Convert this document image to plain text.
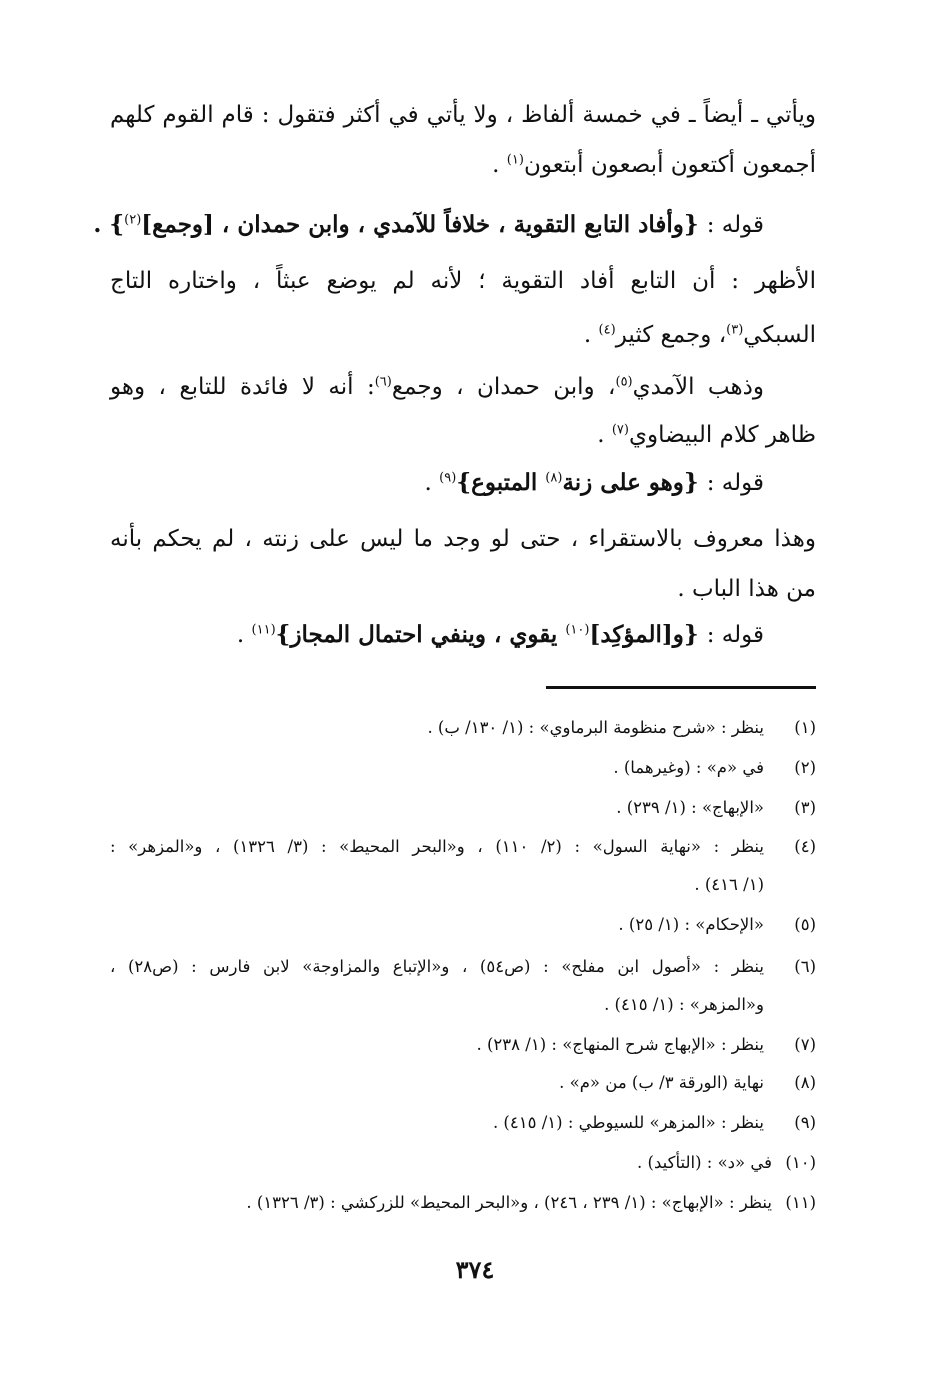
ويأتي ـ أيضاً ـ في خمسة ألفاظ ، ولا يأتي في أكثر فتقول : قام القوم كلهم
أجمعون أكتعون أبصعون أبتعون$^{(١)}$ .
قوله : {وأفاد التابع التقوية ، خلافاً للآمدي ، وابن حمدان ، [وجمع]$^{(٢)}$} .
الأظهر : أن التابع أفاد التقوية ؛ لأنه لم يوضع عبثاً ، واختاره التاج
السبكي$^{(٣)}$، وجمع كثير$^{(٤)}$ .
وذهب الآمدي$^{(٥)}$، وابن حمدان ، وجمع$^{(٦)}$: أنه لا فائدة للتابع ، وهو
ظاهر كلام البيضاوي$^{(٧)}$ .
قوله : {وهو على زنة$^{(٨)}$ المتبوع}$^{(٩)}$ .
وهذا معروف بالاستقراء ، حتى لو وجد ما ليس على زنته ، لم يحكم بأنه
من هذا الباب .
قوله : {و[المؤكِد]$^{(١٠)}$ يقوي ، وينفي احتمال المجاز}$^{(١١)}$ .
(١)
ينظر : «شرح منظومة البرماوي» : (١/ ١٣٠/ ب) .
(٢)
في «م» : (وغيرهما) .
(٣)
«الإبهاج» : (١/ ٢٣٩) .
(٤)
ينظر : «نهاية السول» : (٢/ ١١٠) ، و«البحر المحيط» : (٣/ ١٣٢٦) ، و«المزهر» :
(١/ ٤١٦) .
(٥)
«الإحكام» : (١/ ٢٥) .
(٦)
ينظر : «أصول ابن مفلح» : (ص٥٤) ، و«الإتباع والمزاوجة» لابن فارس : (ص٢٨) ،
و«المزهر» : (١/ ٤١٥) .
(٧)
ينظر : «الإبهاج شرح المنهاج» : (١/ ٢٣٨) .
(٨)
نهاية (الورقة ٣/ ب) من «م» .
(٩)
ينظر : «المزهر» للسيوطي : (١/ ٤١٥) .
(١٠)
في «د» : (التأكيد) .
(١١)
ينظر : «الإبهاج» : (١/ ٢٣٩ ، ٢٤٦) ، و«البحر المحيط» للزركشي : (٣/ ١٣٢٦) .
٣٧٤
